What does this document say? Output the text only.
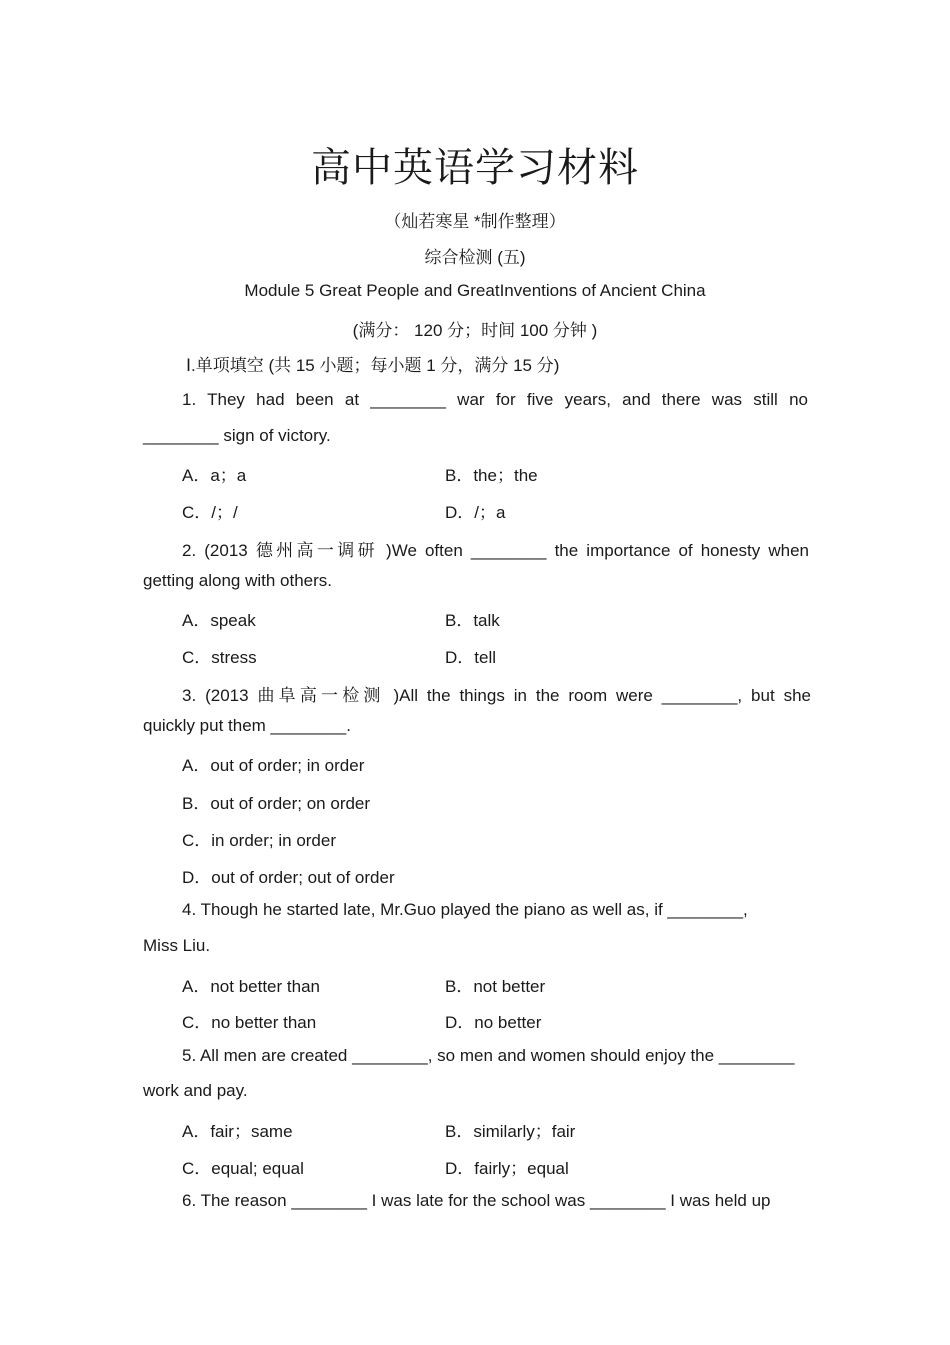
高中英语学习材料
（灿若寒星 *制作整理）
综合检测 (五)
Module 5 Great People and GreatInventions of Ancient China
(满分： 120 分；时间 100 分钟 )
Ⅰ.单项填空 (共 15 小题；每小题 1 分，满分 15 分)
1. They had been at ________ war for five years, and there was still no
________ sign of victory.
A．a；a	B．the；the
C．/；/	D．/；a
2. (2013 德州高一调研 )We often ________ the importance of honesty when
getting along with others.
A．speak	B．talk
C．stress	D．tell
3. (2013 曲阜高一检测 )All the things in the room were ________, but she
quickly put them ________.
A．out of order; in order
B．out of order; on order
C．in order; in order
D．out of order; out of order
4. Though he started late, Mr.Guo played the piano as well as, if ________,
Miss Liu.
A．not better than	B．not better
C．no better than	D．no better
5. All men are created ________, so men and women should enjoy the ________
work and pay.
A．fair；same	B．similarly；fair
C．equal; equal	D．fairly；equal
6. The reason ________ I was late for the school was ________ I was held up
